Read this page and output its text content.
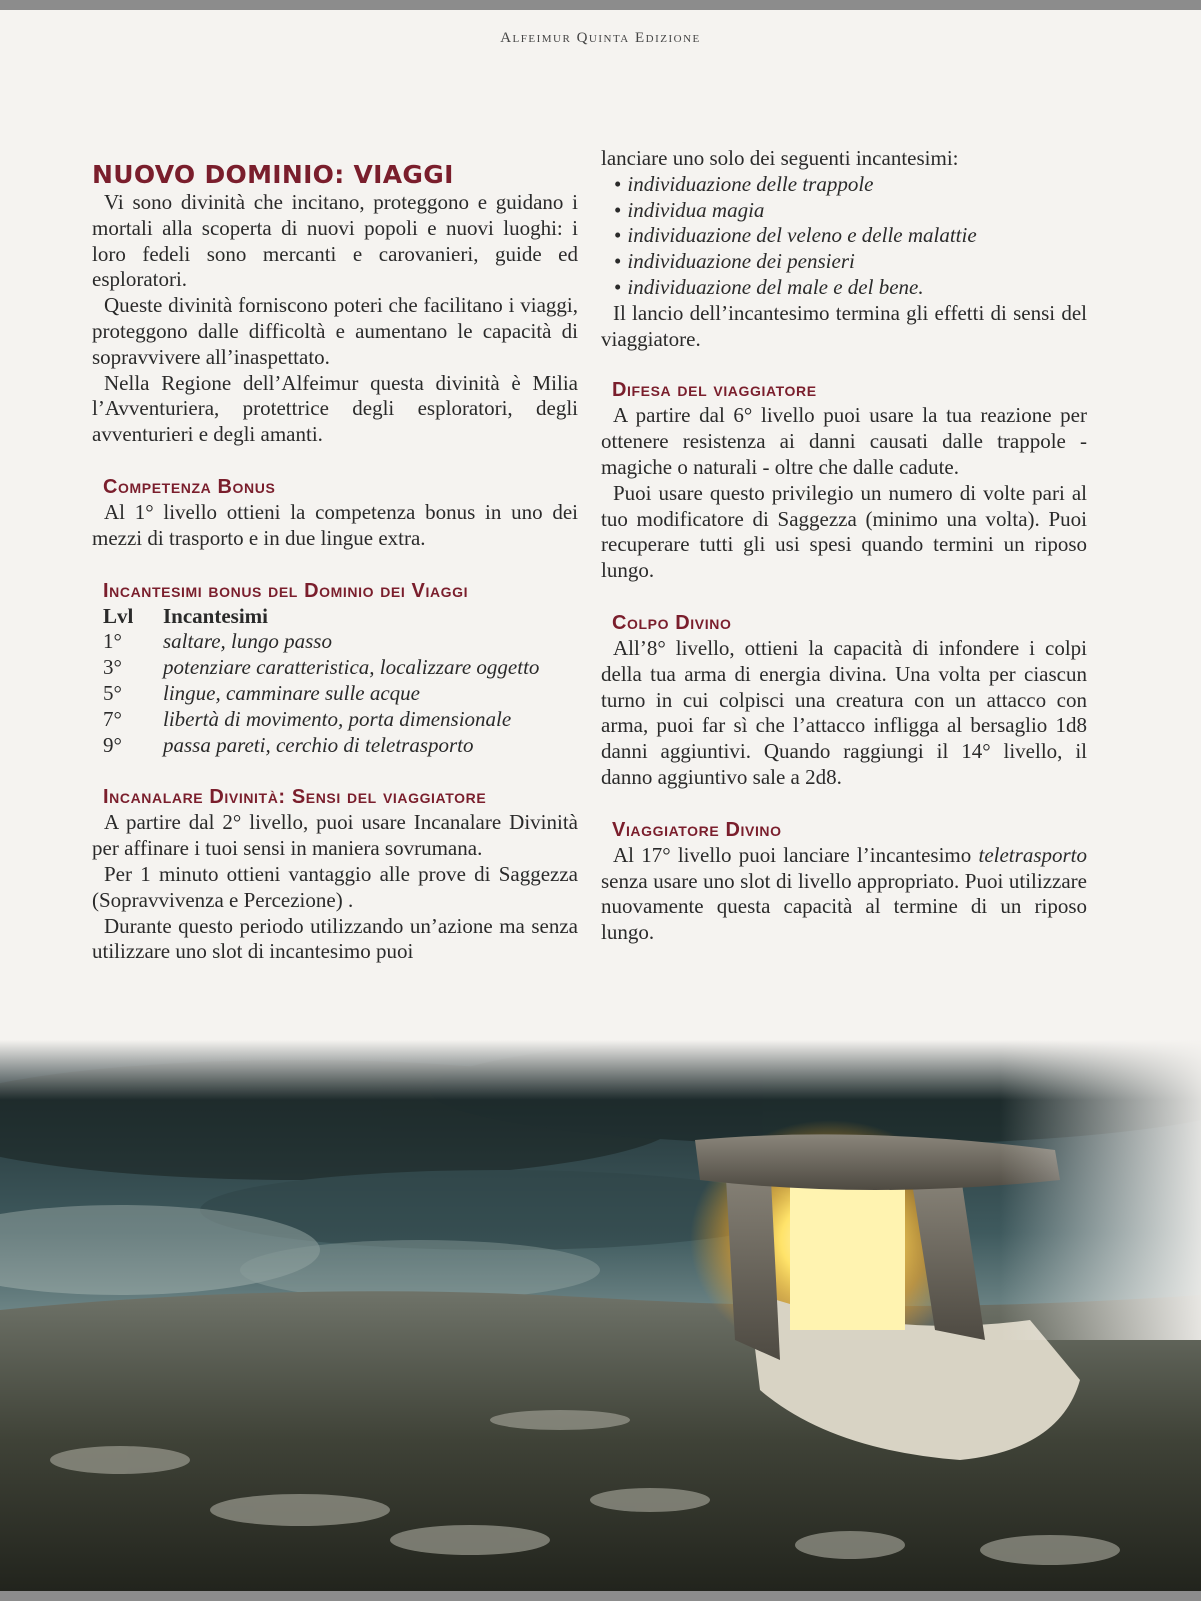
Alfeimur Quinta Edizione
NUOVO DOMINIO: VIAGGI

Vi sono divinità che incitano, proteggono e guidano i mortali alla scoperta di nuovi popoli e nuovi luoghi: i loro fedeli sono mercanti e carovanieri, guide ed esploratori.

Queste divinità forniscono poteri che facilitano i viaggi, proteggono dalle difficoltà e aumentano le capacità di sopravvivere all’inaspettato.

Nella Regione dell’Alfeimur questa divinità è Milia l’Avventuriera, protettrice degli esploratori, degli avventurieri e degli amanti.

Competenza Bonus

Al 1° livello ottieni la competenza bonus in uno dei mezzi di trasporto e in due lingue extra.

Incantesimi bonus del Dominio dei Viaggi
Lvl	Incantesimi
1°	saltare, lungo passo
3°	potenziare caratteristica, localizzare oggetto
5°	lingue, camminare sulle acque
7°	libertà di movimento, porta dimensionale
9°	passa pareti, cerchio di teletrasporto
Incanalare Divinità: Sensi del viaggiatore

A partire dal 2° livello, puoi usare Incanalare Divinità per affinare i tuoi sensi in maniera sovrumana.

Per 1 minuto ottieni vantaggio alle prove di Saggezza (Sopravvivenza e Percezione) .

Durante questo periodo utilizzando un’azione ma senza utilizzare uno slot di incantesimo puoi

lanciare uno solo dei seguenti incantesimi:

• individuazione delle trappole
• individua magia
• individuazione del veleno e delle malattie
• individuazione dei pensieri
• individuazione del male e del bene.

Il lancio dell’incantesimo termina gli effetti di sensi del viaggiatore.

Difesa del viaggiatore

A partire dal 6° livello puoi usare la tua reazione per ottenere resistenza ai danni causati dalle trappole - magiche o naturali - oltre che dalle cadute.

Puoi usare questo privilegio un numero di volte pari al tuo modificatore di Saggezza (minimo una volta). Puoi recuperare tutti gli usi spesi quando termini un riposo lungo.

Colpo Divino

All’8° livello, ottieni la capacità di infondere i colpi della tua arma di energia divina. Una volta per ciascun turno in cui colpisci una creatura con un attacco con arma, puoi far sì che l’attacco infligga al bersaglio 1d8 danni aggiuntivi. Quando raggiungi il 14° livello, il danno aggiuntivo sale a 2d8.

Viaggiatore Divino

Al 17° livello puoi lanciare l’incantesimo teletrasporto senza usare uno slot di livello appropriato. Puoi utilizzare nuovamente questa capacità al termine di un riposo lungo.
